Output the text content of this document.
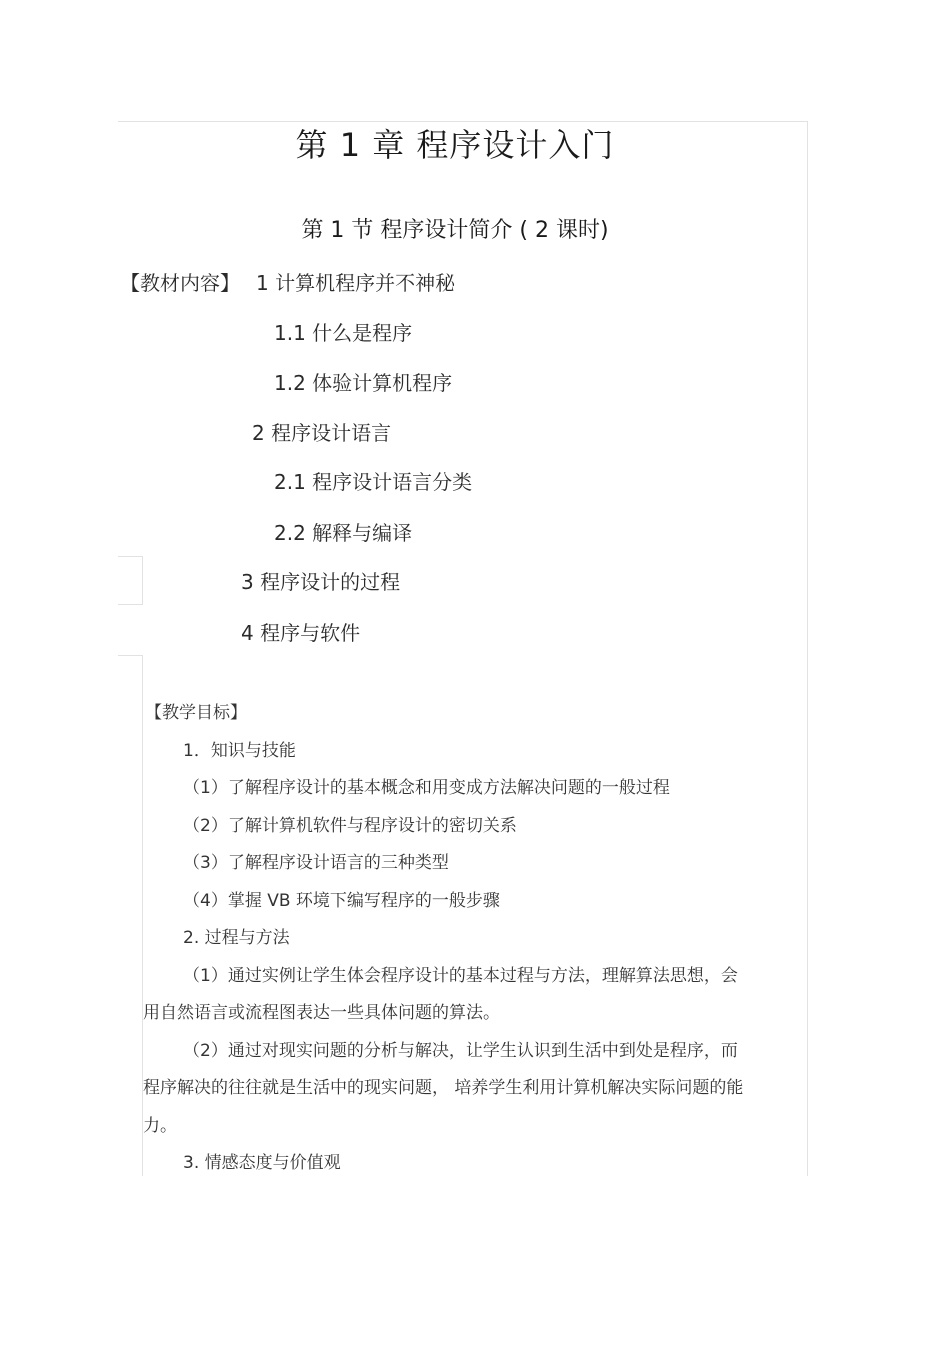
第 1 章 程序设计入门
第 1 节 程序设计简介 ( 2 课时)
【教材内容】 1 计算机程序并不神秘
1.1 什么是程序
1.2 体验计算机程序
2 程序设计语言
2.1 程序设计语言分类
2.2 解释与编译
3 程序设计的过程
4 程序与软件
【教学目标】
1．知识与技能
（1）了解程序设计的基本概念和用变成方法解决问题的一般过程
（2）了解计算机软件与程序设计的密切关系
（3）了解程序设计语言的三种类型
（4）掌握 VB 环境下编写程序的一般步骤
2. 过程与方法
（1）通过实例让学生体会程序设计的基本过程与方法，理解算法思想，会
用自然语言或流程图表达一些具体问题的算法。
（2）通过对现实问题的分析与解决，让学生认识到生活中到处是程序，而
程序解决的往往就是生活中的现实问题， 培养学生利用计算机解决实际问题的能
力。
3. 情感态度与价值观
